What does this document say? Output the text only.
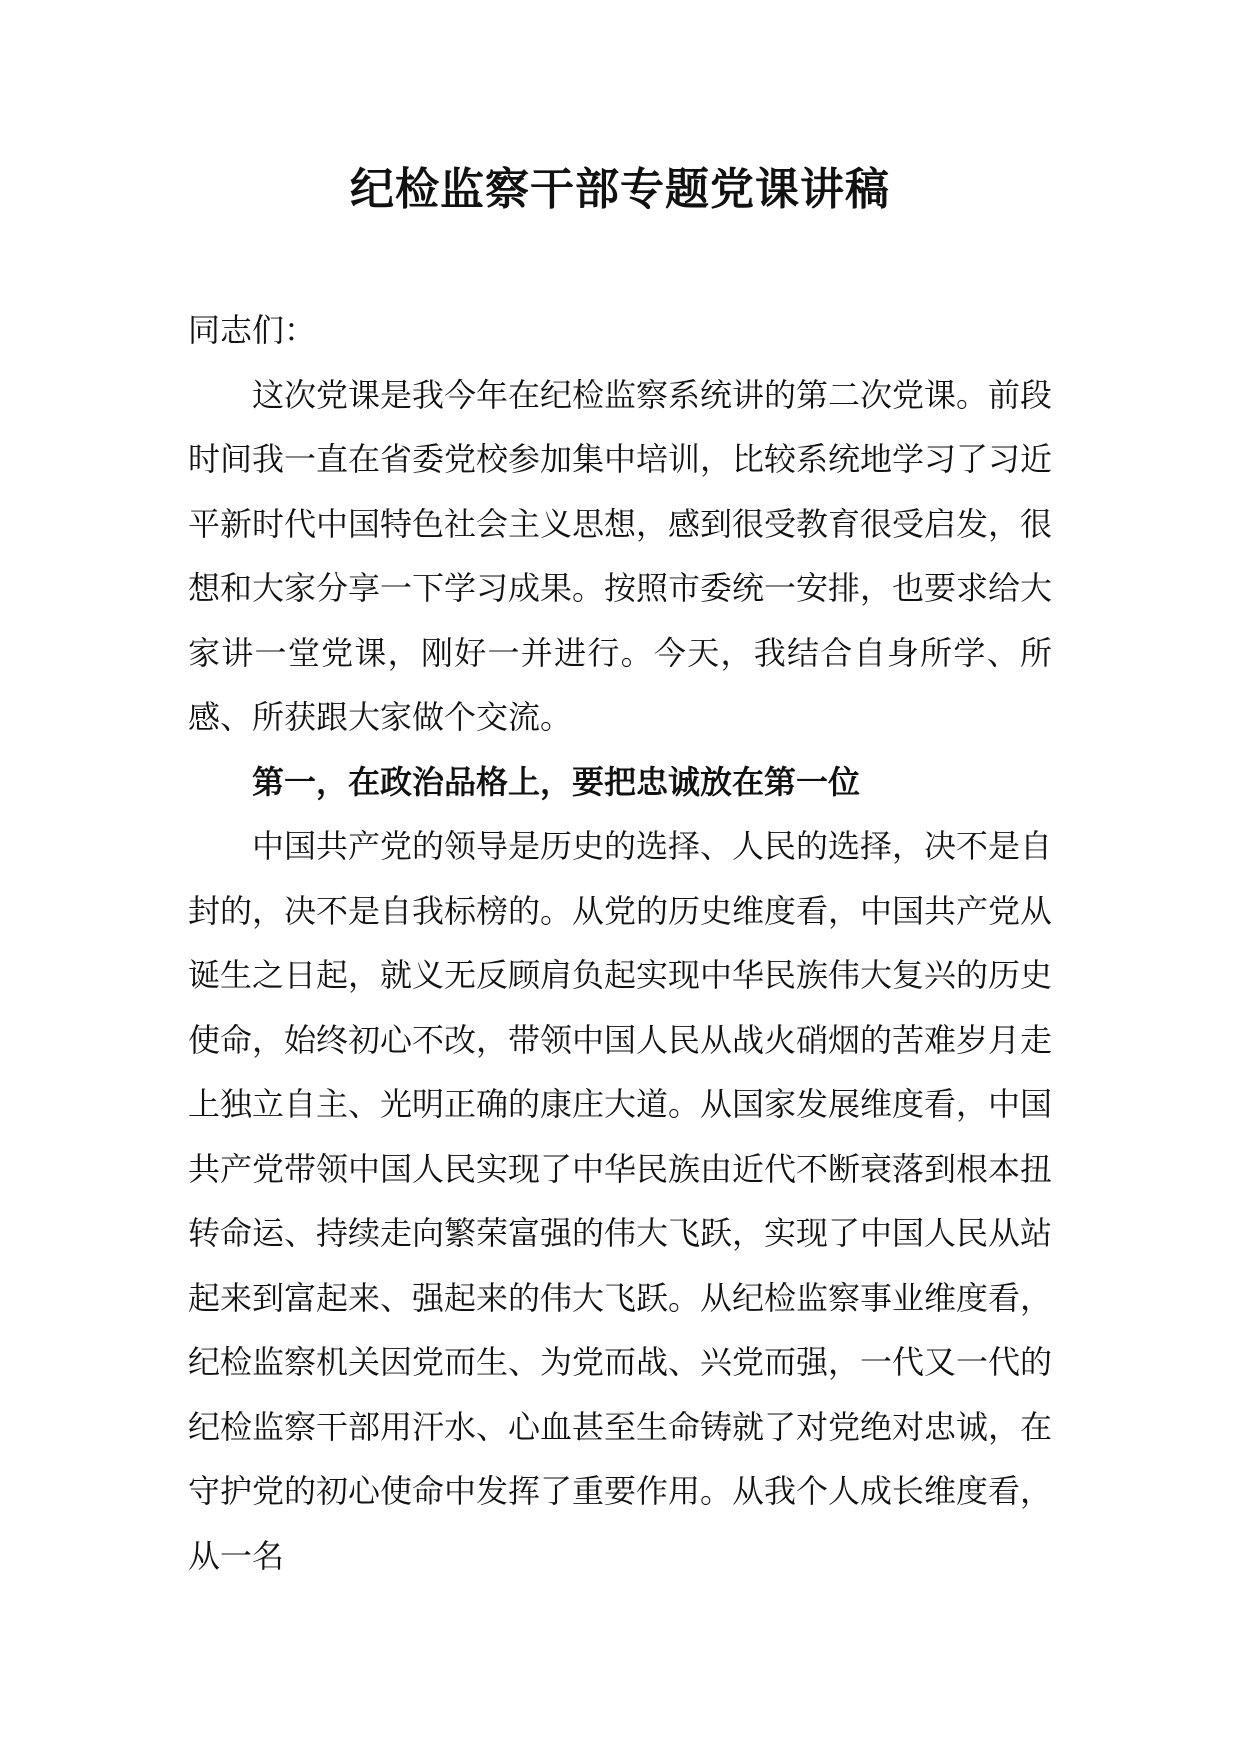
纪检监察干部专题党课讲稿

同志们：

这次党课是我今年在纪检监察系统讲的第二次党课。前段时间我一直在省委党校参加集中培训，比较系统地学习了习近平新时代中国特色社会主义思想，感到很受教育很受启发，很想和大家分享一下学习成果。按照市委统一安排，也要求给大家讲一堂党课，刚好一并进行。今天，我结合自身所学、所感、所获跟大家做个交流。

第一，在政治品格上，要把忠诚放在第一位

中国共产党的领导是历史的选择、人民的选择，决不是自封的，决不是自我标榜的。从党的历史维度看，中国共产党从诞生之日起，就义无反顾肩负起实现中华民族伟大复兴的历史使命，始终初心不改，带领中国人民从战火硝烟的苦难岁月走上独立自主、光明正确的康庄大道。从国家发展维度看，中国共产党带领中国人民实现了中华民族由近代不断衰落到根本扭转命运、持续走向繁荣富强的伟大飞跃，实现了中国人民从站起来到富起来、强起来的伟大飞跃。从纪检监察事业维度看，纪检监察机关因党而生、为党而战、兴党而强，一代又一代的纪检监察干部用汗水、心血甚至生命铸就了对党绝对忠诚，在守护党的初心使命中发挥了重要作用。从我个人成长维度看，从一名
